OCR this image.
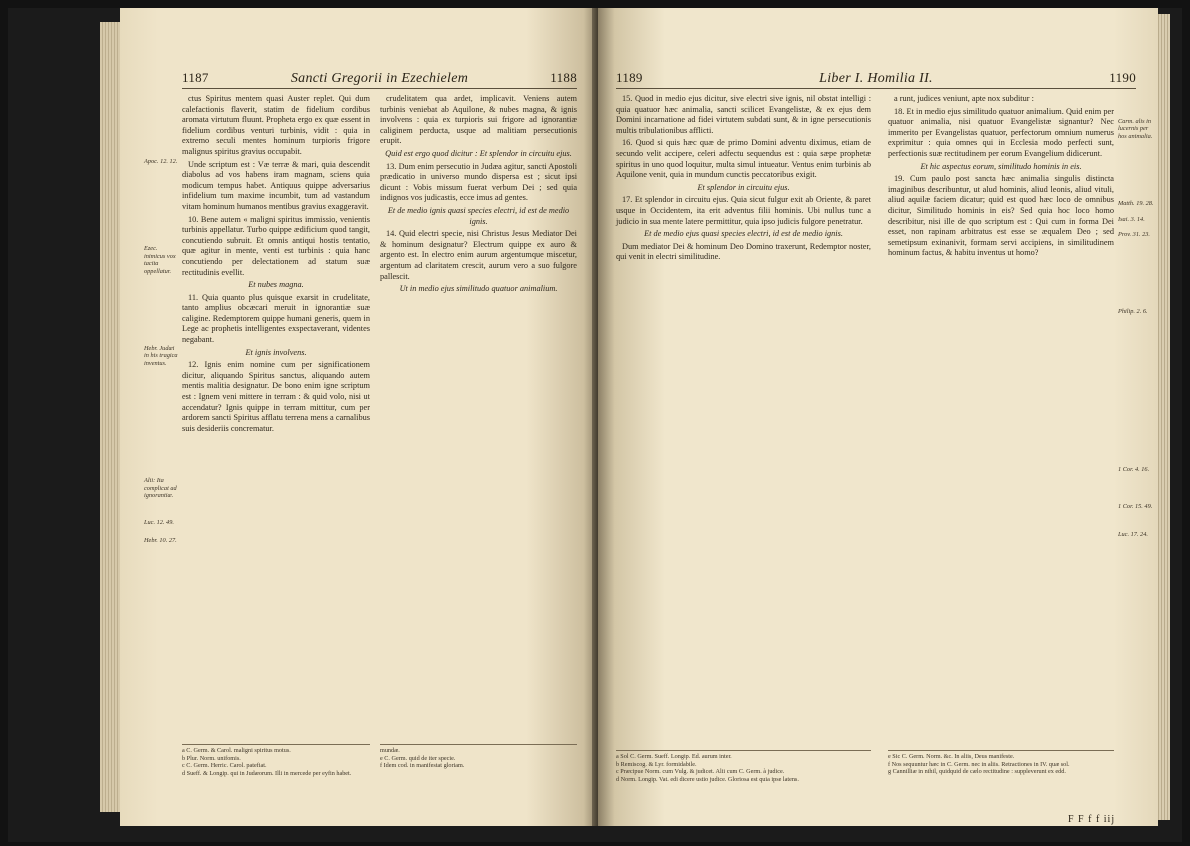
1187	Sancti Gregorii in Ezechielem	1188
Apoc. 12. 12.
Ezec. inimicus vox tacita oppellatur.
Hebr. Judæi in his tragica inventus.
Alii: Ita complicat ad ignorantiæ.
Luc. 12. 49.
Hebr. 10. 27.

ctus Spiritus mentem quasi Auster replet. Qui dum calefactionis flaverit, statim de fidelium cordibus aromata virtutum fluunt. Propheta ergo ex quæ essent in fidelium cordibus venturi turbinis, vidit : quia in extremo seculi mentes hominum turpioris frigore malignus spiritus gravius occupabit.

Unde scriptum est : Væ terræ & mari, quia descendit diabolus ad vos habens iram magnam, sciens quia modicum tempus habet. Antiquus quippe adversarius infidelium tum maxime incumbit, tum ad vastandum vitam hominum humanos mentibus gravius exaggeravit.

10. Bene autem « maligni spiritus immissio, venientis turbinis appellatur. Turbo quippe ædificium quod tangit, concutiendo subruit. Et omnis antiqui hostis tentatio, quæ agitur in mente, venti est turbinis : quia hanc concutiendo per delectationem ad statum suæ rectitudinis evellit.

Et nubes magna.

11. Quia quanto plus quisque exarsit in crudelitate, tanto amplius obcæcari meruit in ignorantiæ suæ caligine. Redemptorem quippe humani generis, quem in Lege ac prophetis intelligentes exspectaverant, videntes negabant.

Et ignis involvens.

12. Ignis enim nomine cum per significationem dicitur, aliquando Spiritus sanctus, aliquando autem mentis malitia designatur. De bono enim igne scriptum est : Ignem veni mittere in terram : & quid volo, nisi ut accendatur? Ignis quippe in terram mittitur, cum per ardorem sancti Spiritus afflatu terrena mens a carnalibus suis desideriis concrematur.

crudelitatem qua ardet, implicavit. Veniens autem turbinis veniebat ab Aquilone, & nubes magna, & ignis involvens : quia ex turpioris sui frigore ad ignorantiæ caliginem perducta, usque ad malitiam persecutionis erupit.

Quid est ergo quod dicitur : Et splendor in circuitu ejus.

13. Dum enim persecutio in Judæa agitur, sancti Apostoli prædicatio in universo mundo dispersa est ; sicut ipsi dicunt : Vobis missum fuerat verbum Dei ; sed quia indignos vos judicastis, ecce imus ad gentes.

Et de medio ignis quasi species electri, id est de medio ignis.

14. Quid electri specie, nisi Christus Jesus Mediator Dei & hominum designatur? Electrum quippe ex auro & argento est. In electro enim aurum argentumque miscetur, argentum ad claritatem crescit, aurum vero a suo fulgore pallescit.

Ut in medio ejus similitudo quatuor animalium.

a C. Germ. & Carol. maligni spiritus motus.
b Plur. Norm. unifomis.
c C. Germ. Herric. Carol. patefiat.
d Sueff. & Longip. qui in Judæorum. Illi in mercede per eyfin habet.
mundæ.
e C. Germ. quid de iter specie.
f Idem cod. in manifestat gloriam.
1189	Liber I. Homilia II.	1190

15. Quod in medio ejus dicitur, sive electri sive ignis, nil obstat intelligi : quia quatuor hæc animalia, sancti scilicet Evangelistæ, & ex ejus dem Domini incarnatione ad fidei virtutem subdati sunt, & in igne persecutionis multis tribulationibus afflicti.

16. Quod si quis hæc quæ de primo Domini adventu diximus, etiam de secundo velit accipere, celeri adfectu sequendus est : quia sæpe prophetæ spiritus in uno quod loquitur, multa simul intueatur. Ventus enim turbinis ab Aquilone venit, quia in mundum cunctis peccatoribus exigit.

Et splendor in circuitu ejus.

17. Et splendor in circuitu ejus. Quia sicut fulgur exit ab Oriente, & paret usque in Occidentem, ita erit adventus filii hominis. Ubi nullus tunc a judicio in sua mente latere permittitur, quia ipso judicis fulgore penetratur.

Et de medio ejus quasi species electri, id est de medio ignis.

Dum mediator Dei & hominum Deo Domino traxerunt, Redemptor noster, qui venit in electri similitudine.

a runt, judices veniunt, apte nox subditur :

18. Et in medio ejus similitudo quatuor animalium. Quid enim per quatuor animalia, nisi quatuor Evangelistæ signantur? Nec immerito per Evangelistas quatuor, perfectorum omnium numerus exprimitur : quia omnes qui in Ecclesia modo perfecti sunt, perfectionis suæ rectitudinem per eorum Evangelium didicerunt.

Et hic aspectus eorum, similitudo hominis in eis.

19. Cum paulo post sancta hæc animalia singulis distincta imaginibus describuntur, ut alud hominis, aliud leonis, aliud vituli, aliud aquilæ faciem dicatur; quid est quod hæc loco de omnibus dicitur, Similitudo hominis in eis? Sed quia hoc loco homo describitur, nisi ille de quo scriptum est : Qui cum in forma Dei esset, non rapinam arbitratus est esse se æqualem Deo ; sed semetipsum exinanivit, formam servi accipiens, in similitudinem hominum factus, & habitu inventus ut homo?

Carm. alis in lucernis per hos animalia.
Matth. 19. 28.
Isai. 3. 14.
Prov. 31. 23.
Philip. 2. 6.
1 Cor. 4. 16.
1 Cor. 15. 49.
Luc. 17. 24.
a Sol C. Germ. Sueff. Longip. Ed. aurum inter.
b Remiscog. & Lyr. formidabile.
c Præcipue Norm. cum Vulg. & judicet. Alii cum C. Germ. à judice.
d Norm. Longip. Vat. edi dicere ustio judice. Gloriosa est quia ipse latens.
e Sic C. Germ. Norm. &c. In aliis, Deus manifeste.
f Nos sequuntur hæc in C. Germ. nec in aliis. Retractiones in IV. quæ sol.
g Cannilliæ in nihil, quidquid de cælo rectitudine : suppleverunt ex edd.
F F f f iij
